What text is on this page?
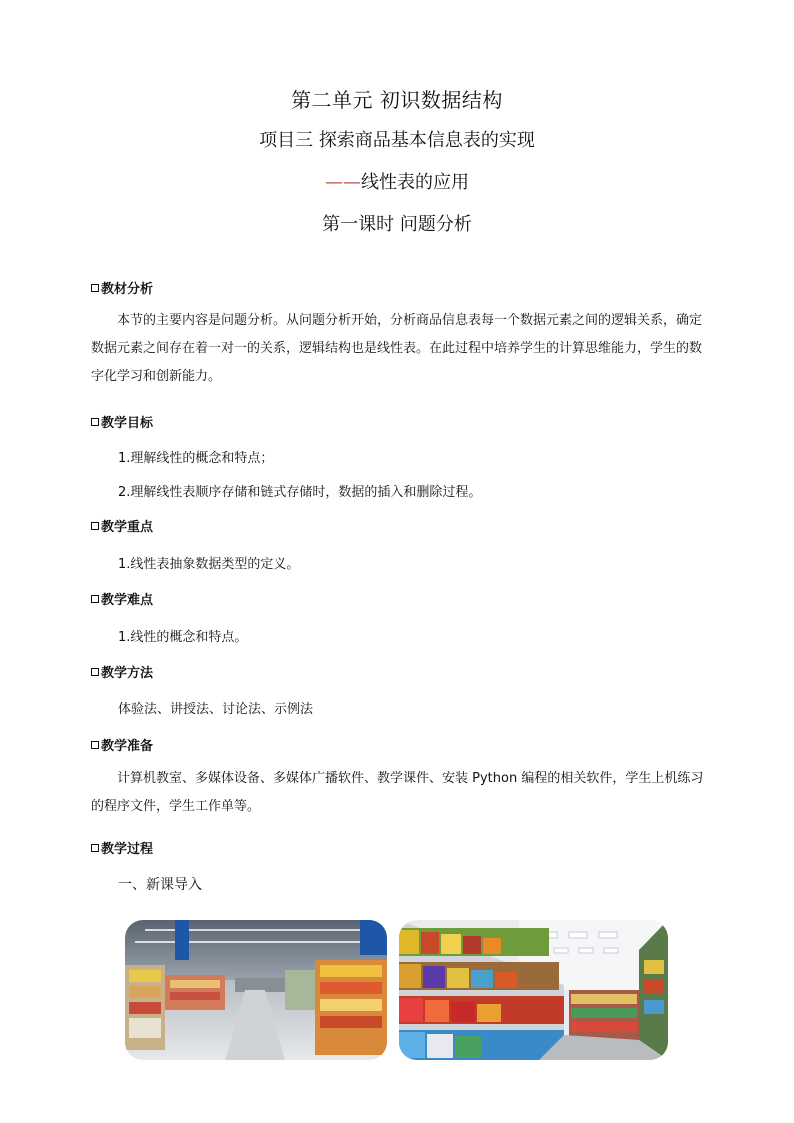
第二单元 初识数据结构
项目三 探索商品基本信息表的实现
——线性表的应用
第一课时 问题分析
教材分析
本节的主要内容是问题分析。从问题分析开始，分析商品信息表每一个数据元素之间的逻辑关系，确定数据元素之间存在着一对一的关系，逻辑结构也是线性表。在此过程中培养学生的计算思维能力，学生的数字化学习和创新能力。
教学目标
1.理解线性的概念和特点；
2.理解线性表顺序存储和链式存储时，数据的插入和删除过程。
教学重点
1.线性表抽象数据类型的定义。
教学难点
1.线性的概念和特点。
教学方法
体验法、讲授法、讨论法、示例法
教学准备
计算机教室、多媒体设备、多媒体广播软件、教学课件、安装 Python 编程的相关软件，学生上机练习的程序文件，学生工作单等。
教学过程
一、新课导入
